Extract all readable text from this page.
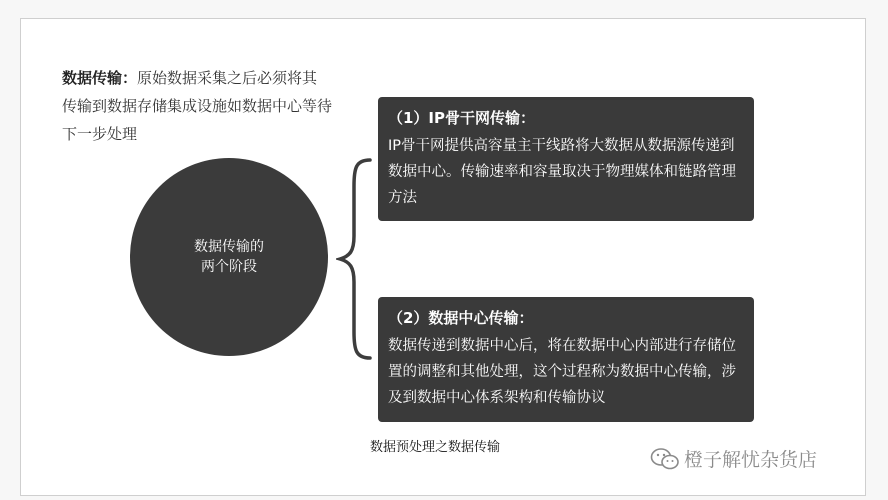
数据传输：原始数据采集之后必须将其传输到数据存储集成设施如数据中心等待下一步处理
数据传输的
两个阶段
（1）IP骨干网传输：
IP骨干网提供高容量主干线路将大数据从数据源传递到数据中心。传输速率和容量取决于物理媒体和链路管理方法
（2）数据中心传输：
数据传递到数据中心后，将在数据中心内部进行存储位置的调整和其他处理，这个过程称为数据中心传输，涉及到数据中心体系架构和传输协议
数据预处理之数据传输
橙子解忧杂货店
